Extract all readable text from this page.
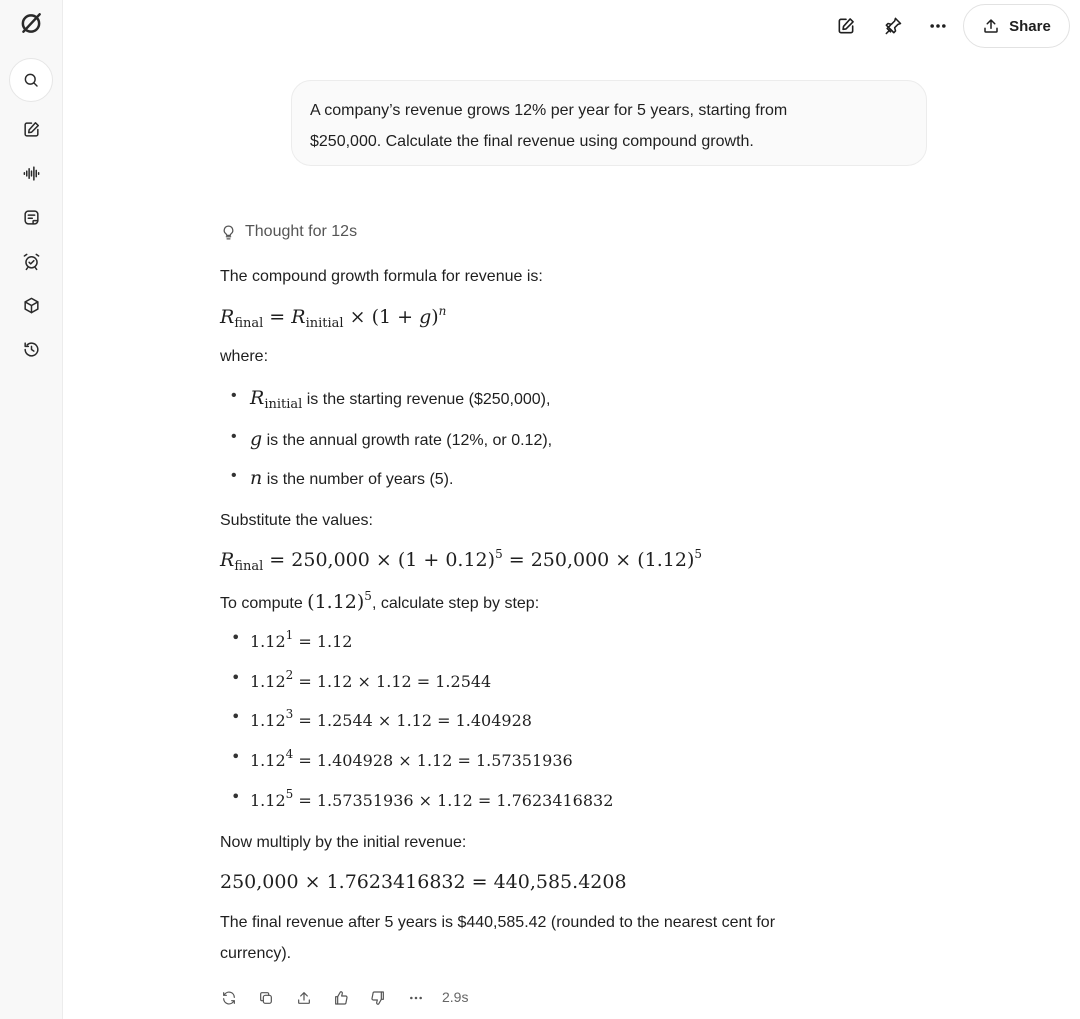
Share
A company’s revenue grows 12% per year for 5 years, starting from
$250,000. Calculate the final revenue using compound growth.
Thought for 12s
The compound growth formula for revenue is:
$R_{final} = R_{initial} \times (1 + g)^n$
where:
• $R_{initial}$ is the starting revenue ($250,000),
• g is the annual growth rate (12%, or 0.12),
• n is the number of years (5).
Substitute the values:
$R_{final} = 250,000 \times (1 + 0.12)^5 = 250,000 \times (1.12)^5$
To compute $(1.12)^5$, calculate step by step:
• $1.12^1 = 1.12$
• $1.12^2 = 1.12 \times 1.12 = 1.2544$
• $1.12^3 = 1.2544 \times 1.12 = 1.404928$
• $1.12^4 = 1.404928 \times 1.12 = 1.57351936$
• $1.12^5 = 1.57351936 \times 1.12 = 1.7623416832$
Now multiply by the initial revenue:
250,000 × 1.7623416832 = 440,585.4208
The final revenue after 5 years is $440,585.42 (rounded to the nearest cent for
currency).
2.9s
